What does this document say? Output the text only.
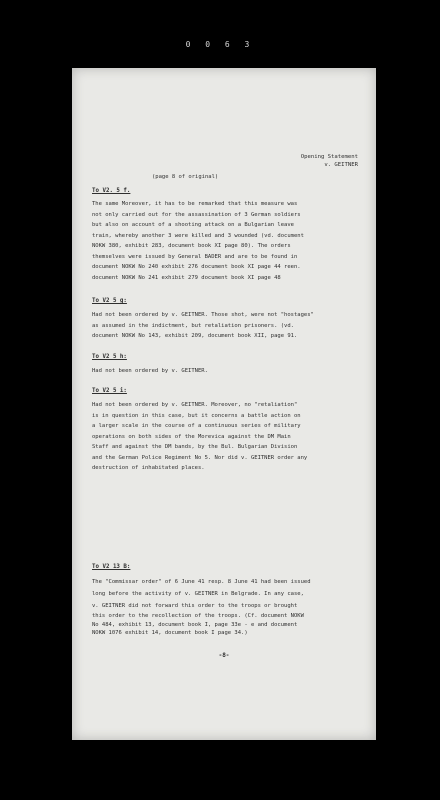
0 0 6 3
Opening Statement
v. GEITNER
(page 8 of original)
To V2. 5 f.
The same Moreover, it has to be remarked that this measure was
not only carried out for the assassination of 3 German soldiers
but also on account of a shooting attack on a Bulgarian leave
train, whereby another 3 were killed and 3 wounded (vd. document
NOKW 380, exhibit 283, document book XI page 80). The orders
themselves were issued by General BADER and are to be found in
document NOKW No 240 exhibit 276 document book XI page 44 reen.
document NOKW No 241 exhibit 279 document book XI page 48
To V2 5 g:
Had not been ordered by v. GEITNER. Those shot, were not "hostages"
as assumed in the indictment, but retaliation prisoners. (vd.
document NOKW No 143, exhibit 209, document book XII, page 91.
To V2 5 h:
Had not been ordered by v. GEITNER.
To V2 5 i:
Had not been ordered by v. GEITNER. Moreover, no "retaliation"
is in question in this case, but it concerns a battle action on
a larger scale in the course of a continuous series of military
operations on both sides of the Morevica against the DM Main
Staff and against the DM bands, by the Bul. Bulgarian Division
and the German Police Regiment No 5. Nor did v. GEITNER order any
destruction of inhabitated places.
To V2 13 B:
The "Commissar order" of 6 June 41 resp. 8 June 41 had been issued
long before the activity of v. GEITNER in Belgrade. In any case,
v. GEITNER did not forward this order to the troops or brought
this order to the recollection of the troops. (Cf. document NOKW
No 484, exhibit 13, document book I, page 33e - e and document
NOKW 1076 exhibit 14, document book I page 34.)
-8-
